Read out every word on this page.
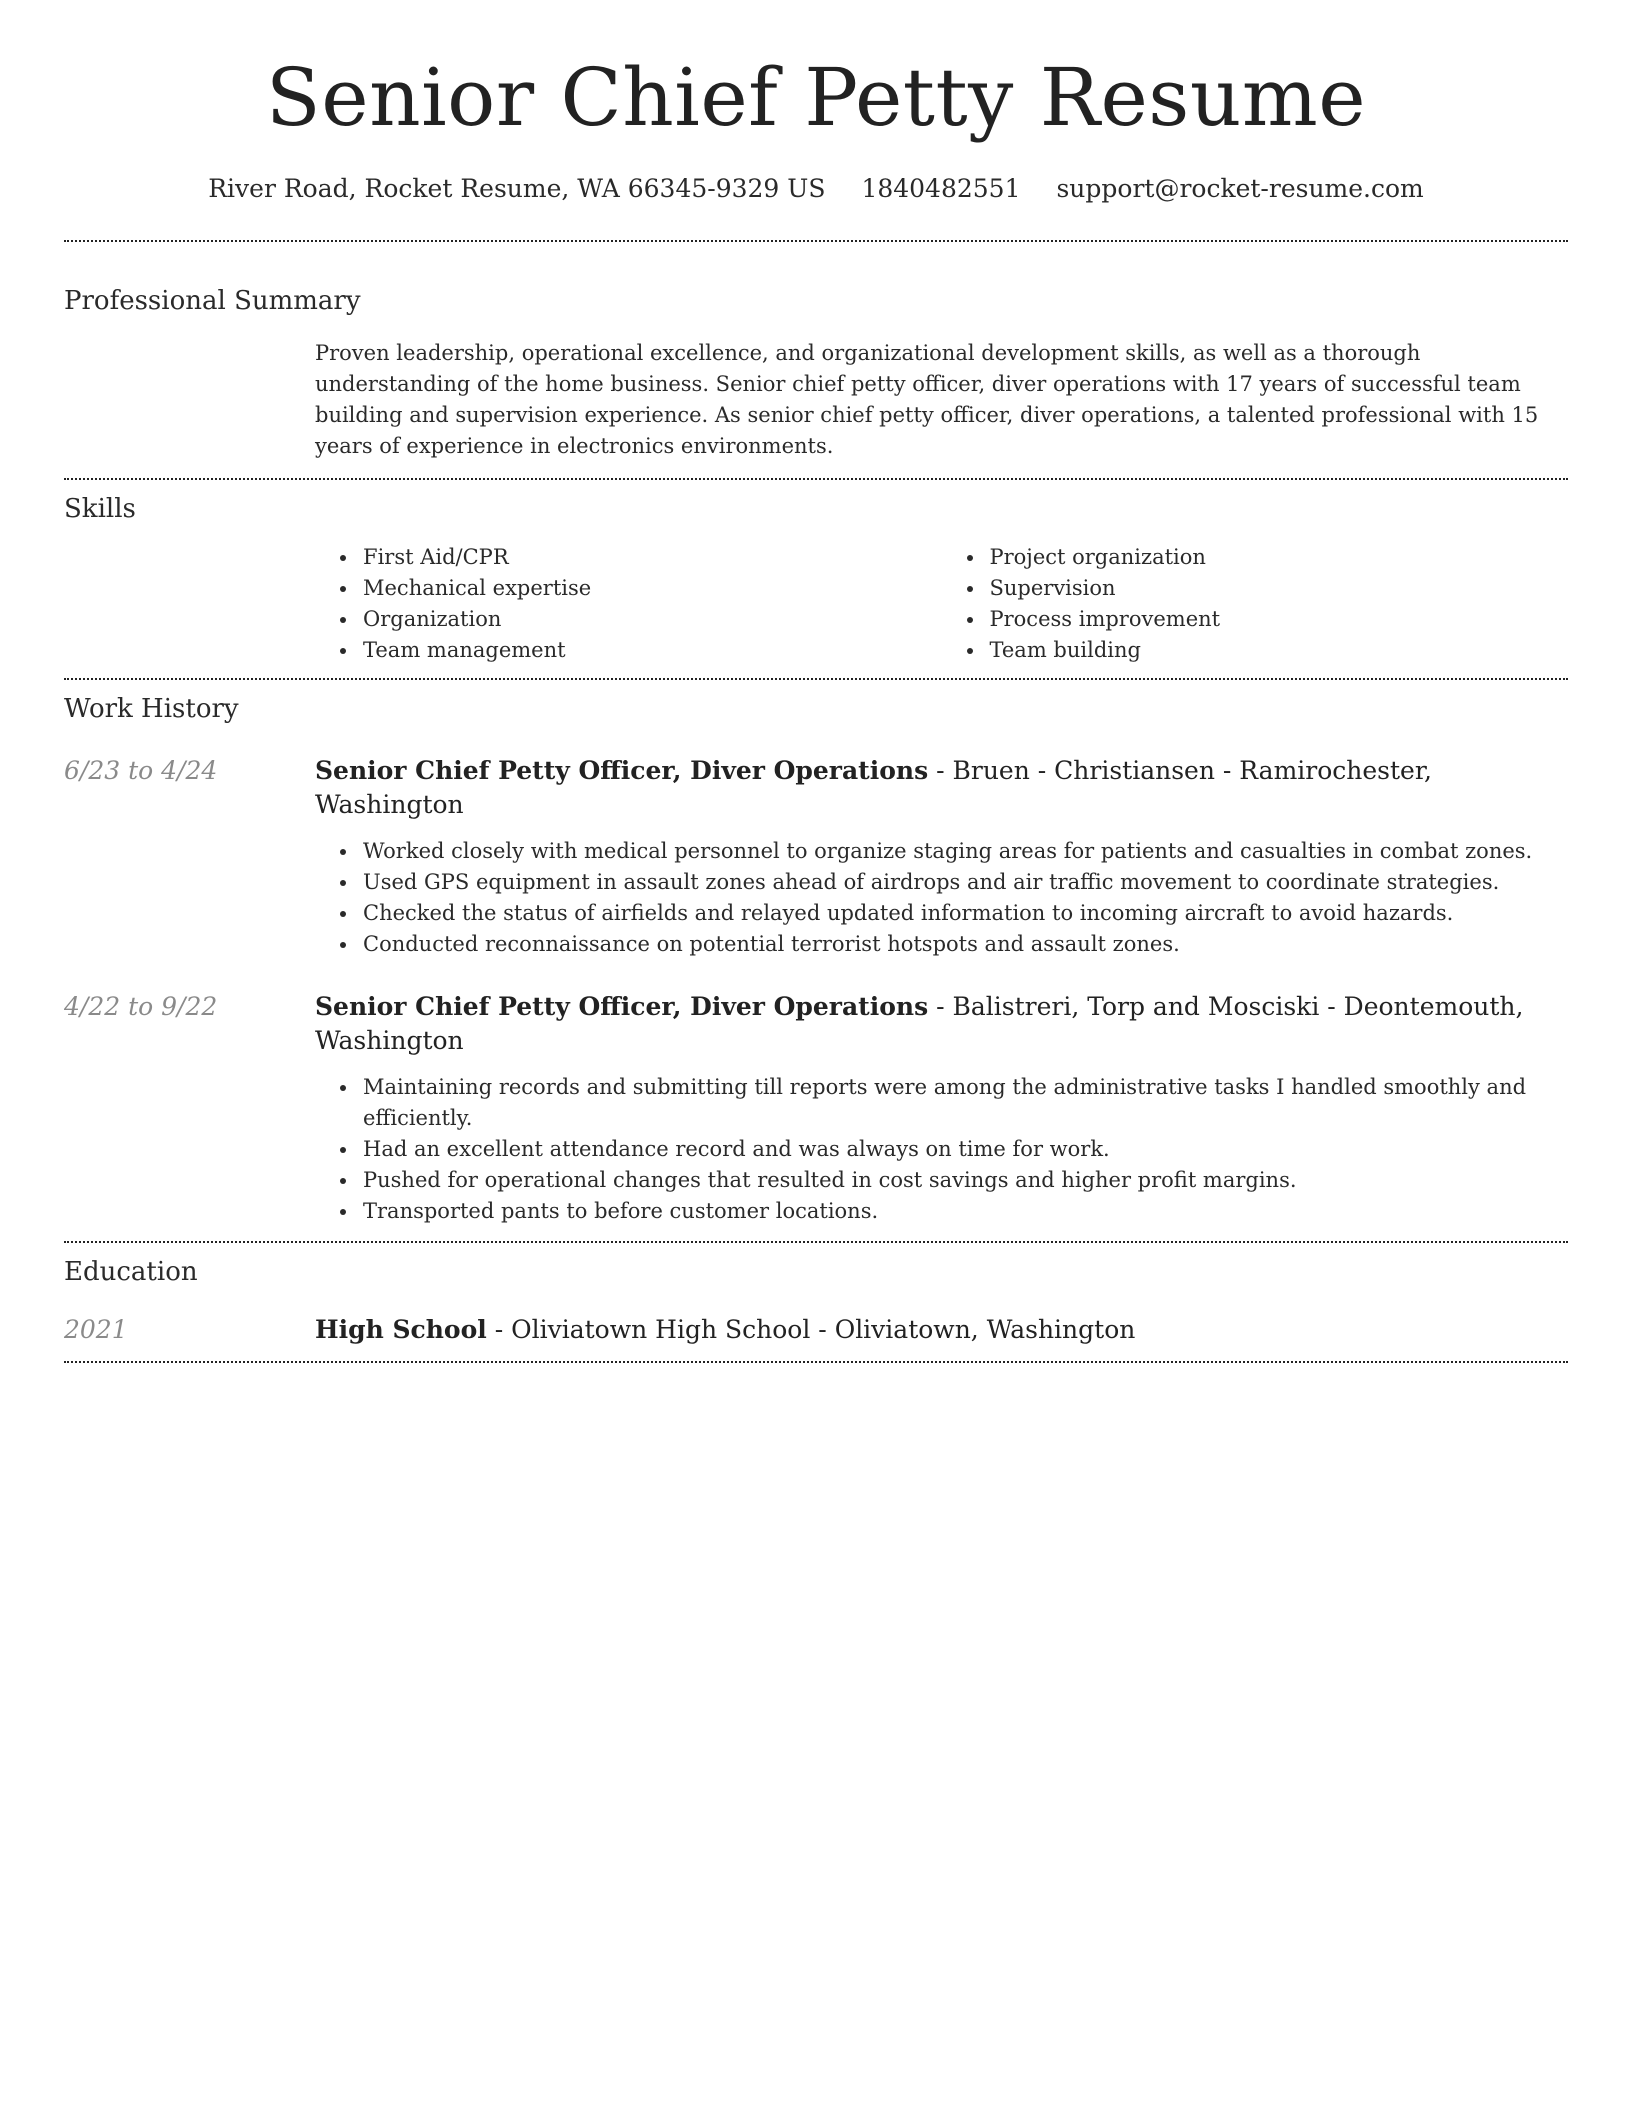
Senior Chief Petty Resume
River Road, Rocket Resume, WA 66345-9329 US 1840482551 support@rocket-resume.com
Professional Summary

Proven leadership, operational excellence, and organizational development skills, as well as a thorough understanding of the home business. Senior chief petty officer, diver operations with 17 years of successful team building and supervision experience. As senior chief petty officer, diver operations, a talented professional with 15 years of experience in electronics environments.

Skills
• First Aid/CPR
• Mechanical expertise
• Organization
• Team management
• Project organization
• Supervision
• Process improvement
• Team building
Work History
6/23 to 4/24	Senior Chief Petty Officer, Diver Operations - Bruen - Christiansen - Ramirochester, Washington
• Worked closely with medical personnel to organize staging areas for patients and casualties in combat zones.
• Used GPS equipment in assault zones ahead of airdrops and air traffic movement to coordinate strategies.
• Checked the status of airfields and relayed updated information to incoming aircraft to avoid hazards.
• Conducted reconnaissance on potential terrorist hotspots and assault zones.
4/22 to 9/22	Senior Chief Petty Officer, Diver Operations - Balistreri, Torp and Mosciski - Deontemouth, Washington
• Maintaining records and submitting till reports were among the administrative tasks I handled smoothly and efficiently.
• Had an excellent attendance record and was always on time for work.
• Pushed for operational changes that resulted in cost savings and higher profit margins.
• Transported pants to before customer locations.
Education
2021	High School - Oliviatown High School - Oliviatown, Washington
